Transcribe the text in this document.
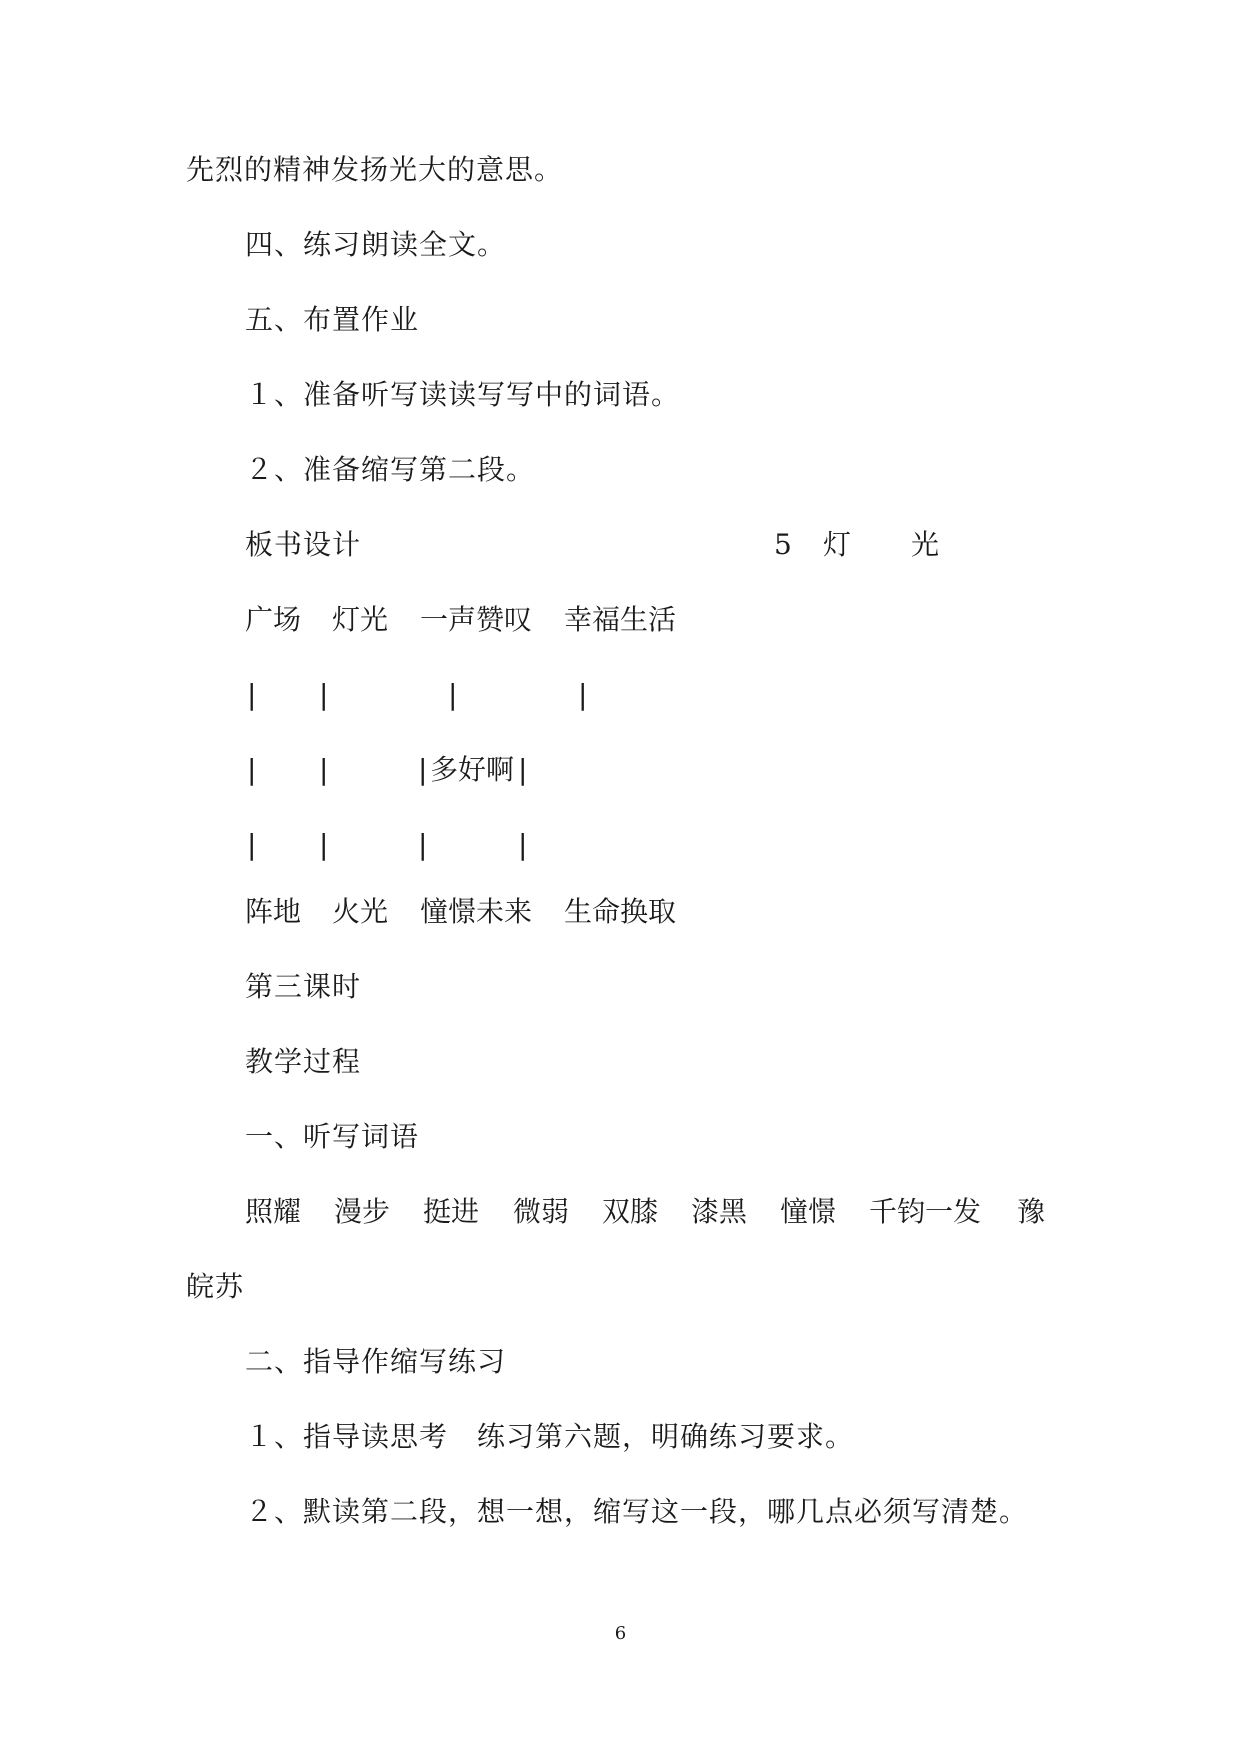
先烈的精神发扬光大的意思。
四、练习朗读全文。
五、布置作业
１、准备听写读读写写中的词语。
２、准备缩写第二段。
板书设计	5 灯 光
广场 灯光 一声赞叹 幸福生活
| |	|	|
| |	| 多好啊 |
| |	|	|
阵地 火光 憧憬未来 生命换取
第三课时
教学过程
一、听写词语
照耀 漫步 挺进 微弱 双膝 漆黑 憧憬 千钧一发 豫
皖苏
二、指导作缩写练习
１、指导读思考　练习第六题，明确练习要求。
２、默读第二段，想一想，缩写这一段，哪几点必须写清楚。
6
